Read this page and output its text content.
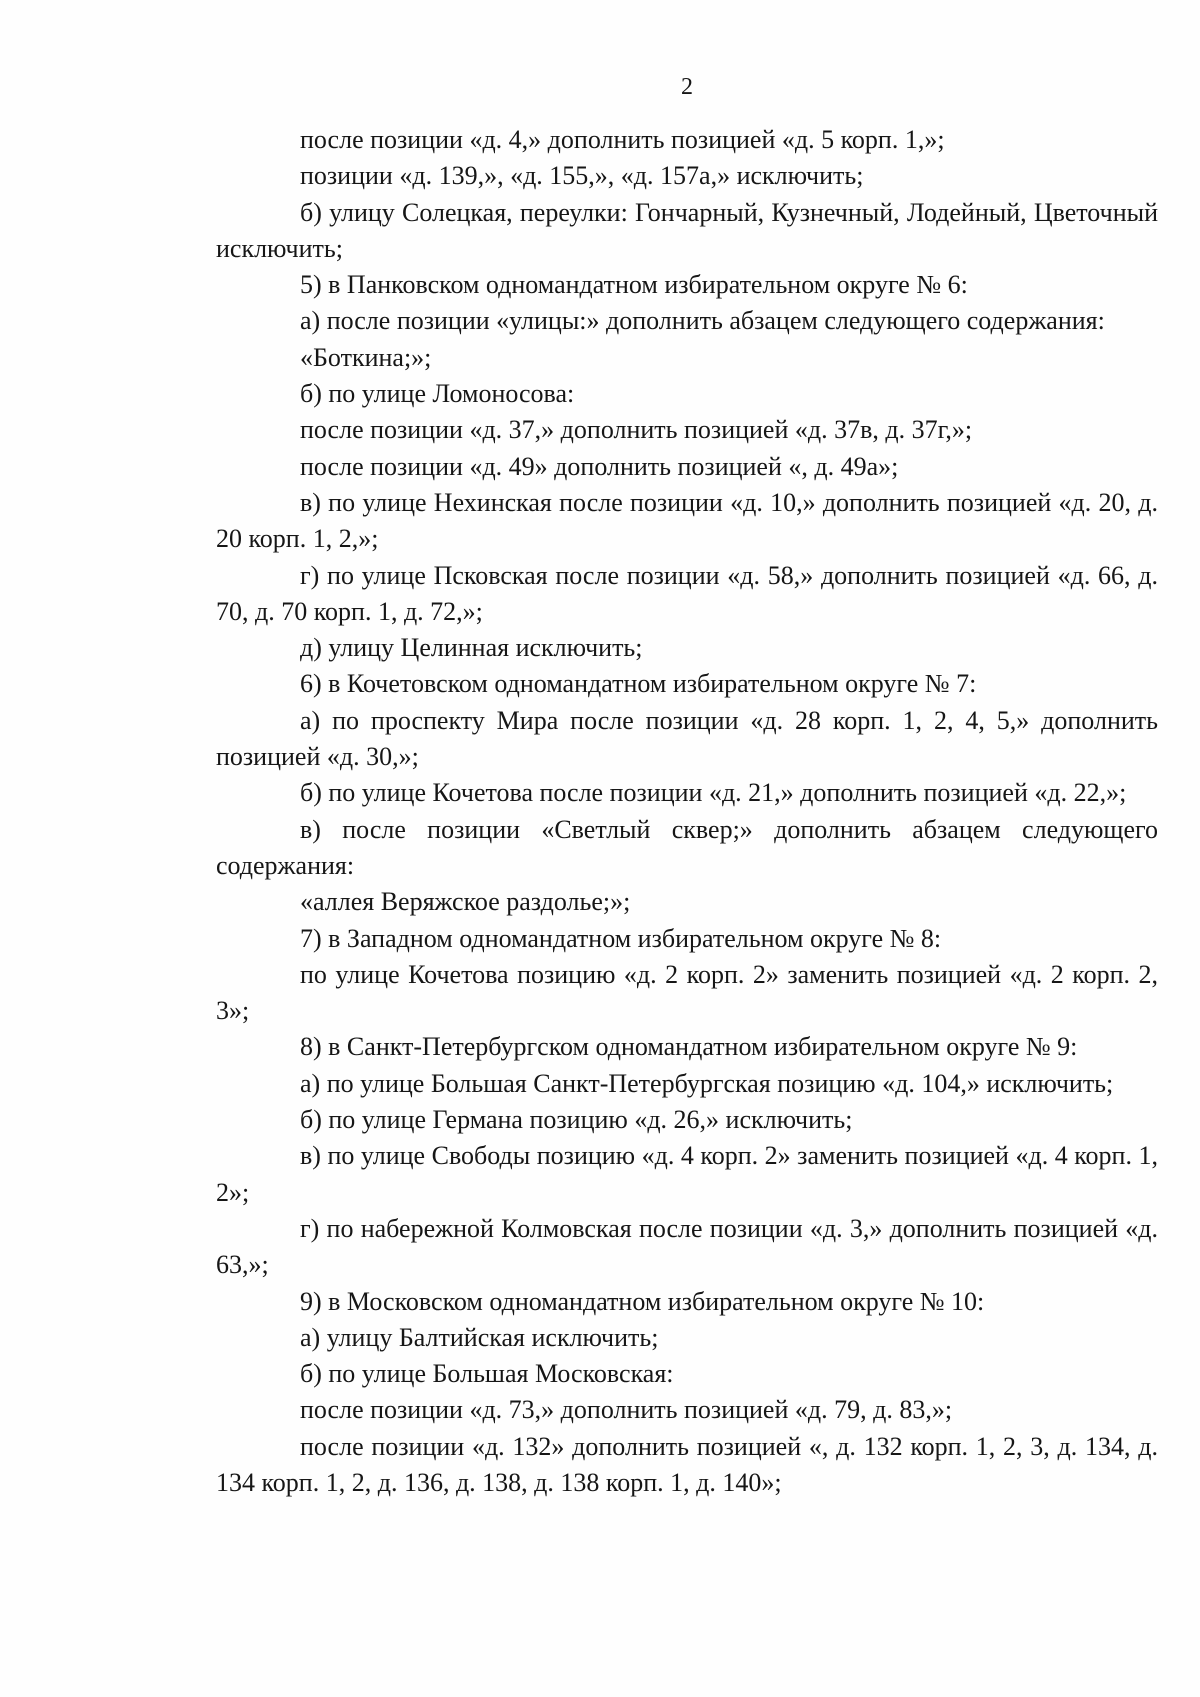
2

после позиции «д. 4,» дополнить позицией «д. 5 корп. 1,»;

позиции «д. 139,», «д. 155,», «д. 157а,» исключить;

б) улицу Солецкая, переулки: Гончарный, Кузнечный, Лодейный, Цветочный исключить;

5) в Панковском одномандатном избирательном округе № 6:

а) после позиции «улицы:» дополнить абзацем следующего содержания:

«Боткина;»;

б) по улице Ломоносова:

после позиции «д. 37,» дополнить позицией «д. 37в, д. 37г,»;

после позиции «д. 49» дополнить позицией «, д. 49а»;

в) по улице Нехинская после позиции «д. 10,» дополнить позицией «д. 20, д. 20 корп. 1, 2,»;

г) по улице Псковская после позиции «д. 58,» дополнить позицией «д. 66, д. 70, д. 70 корп. 1, д. 72,»;

д) улицу Целинная исключить;

6) в Кочетовском одномандатном избирательном округе № 7:

а) по проспекту Мира после позиции «д. 28 корп. 1, 2, 4, 5,» дополнить позицией «д. 30,»;

б) по улице Кочетова после позиции «д. 21,» дополнить позицией «д. 22,»;

в) после позиции «Светлый сквер;» дополнить абзацем следующего содержания:

«аллея Веряжское раздолье;»;

7) в Западном одномандатном избирательном округе № 8:

по улице Кочетова позицию «д. 2 корп. 2» заменить позицией «д. 2 корп. 2, 3»;

8) в Санкт-Петербургском одномандатном избирательном округе № 9:

а) по улице Большая Санкт-Петербургская позицию «д. 104,» исключить;

б) по улице Германа позицию «д. 26,» исключить;

в) по улице Свободы позицию «д. 4 корп. 2» заменить позицией «д. 4 корп. 1, 2»;

г) по набережной Колмовская после позиции «д. 3,» дополнить позицией «д. 63,»;

9) в Московском одномандатном избирательном округе № 10:

а) улицу Балтийская исключить;

б) по улице Большая Московская:

после позиции «д. 73,» дополнить позицией «д. 79, д. 83,»;

после позиции «д. 132» дополнить позицией «, д. 132 корп. 1, 2, 3, д. 134, д. 134 корп. 1, 2, д. 136, д. 138, д. 138 корп. 1, д. 140»;
